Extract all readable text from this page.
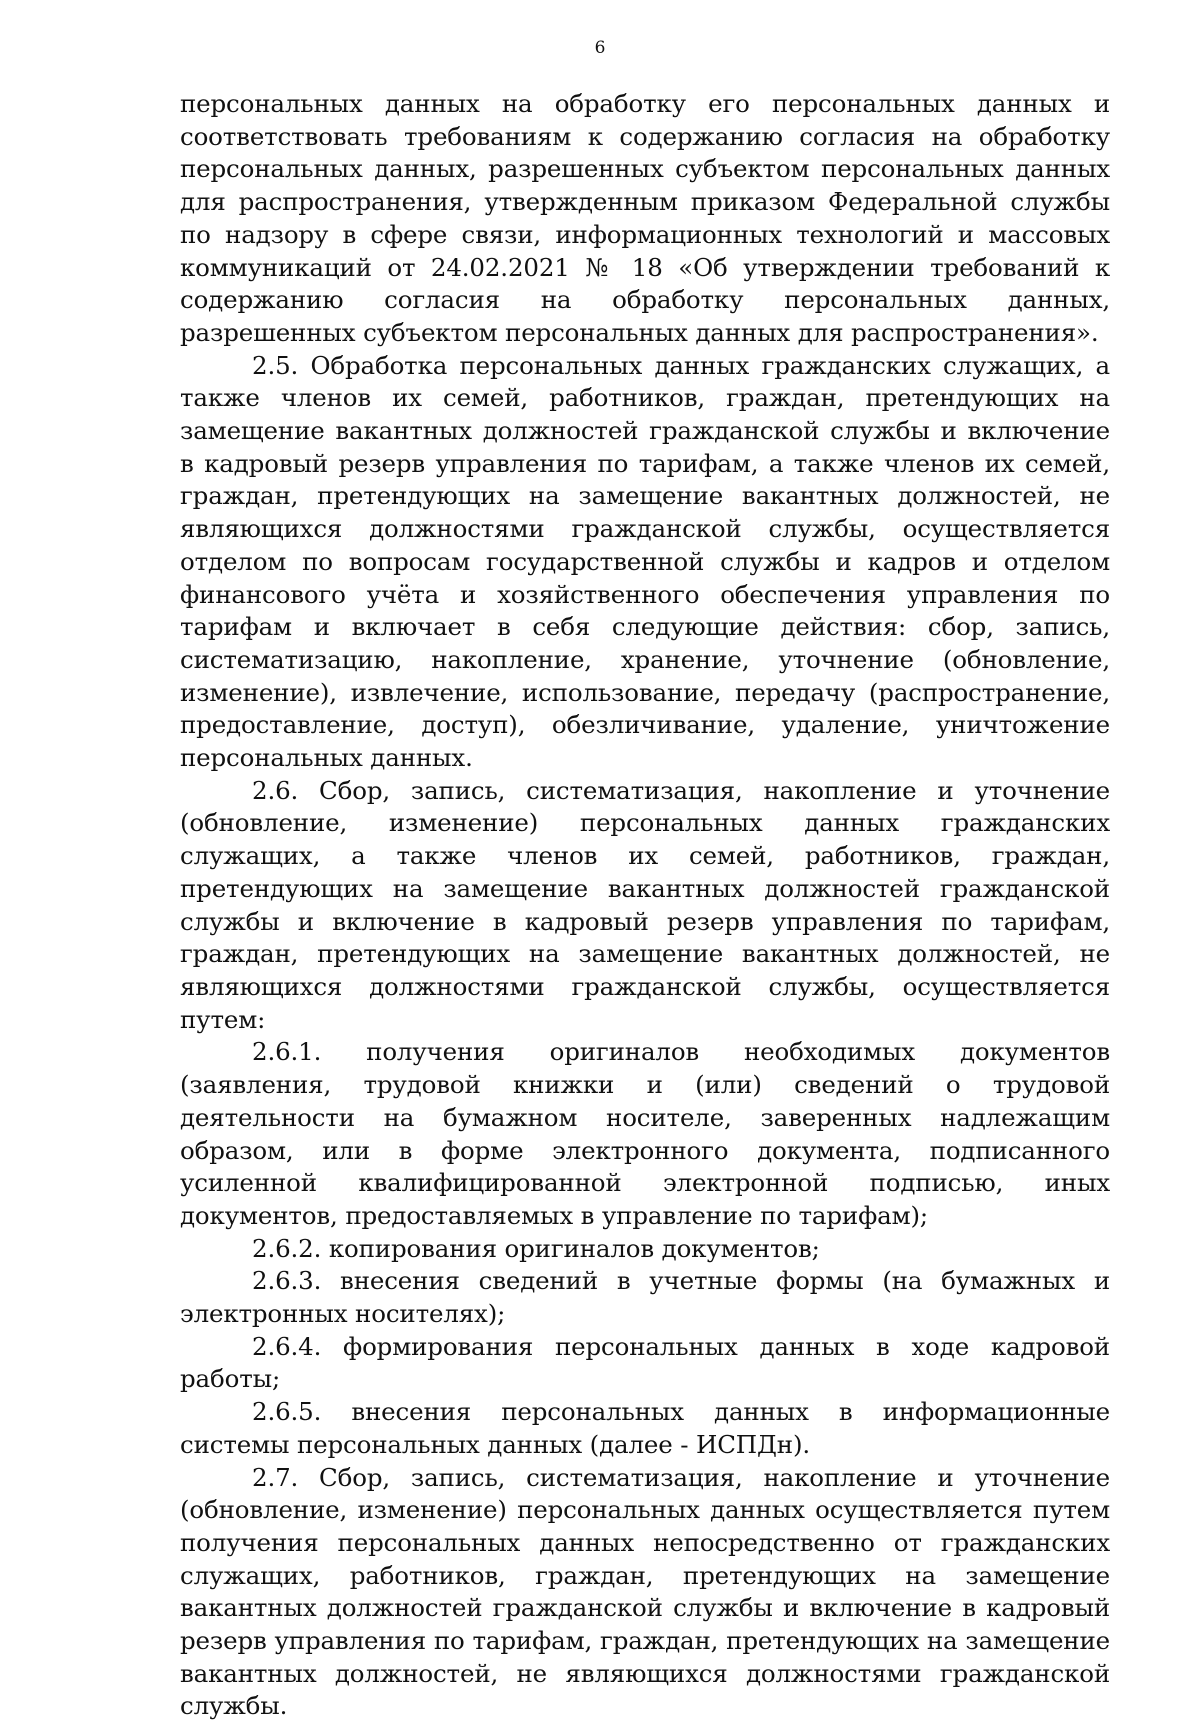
6

персональных данных на обработку его персональных данных и соответствовать требованиям к содержанию согласия на обработку персональных данных, разрешенных субъектом персональных данных для распространения, утвержденным приказом Федеральной службы по надзору в сфере связи, информационных технологий и массовых коммуникаций от 24.02.2021 № 18 «Об утверждении требований к содержанию согласия на обработку персональных данных, разрешенных субъектом персональных данных для распространения».

2.5. Обработка персональных данных гражданских служащих, а также членов их семей, работников, граждан, претендующих на замещение вакантных должностей гражданской службы и включение в кадровый резерв управления по тарифам, а также членов их семей, граждан, претендующих на замещение вакантных должностей, не являющихся должностями гражданской службы, осуществляется отделом по вопросам государственной службы и кадров и отделом финансового учёта и хозяйственного обеспечения управления по тарифам и включает в себя следующие действия: сбор, запись, систематизацию, накопление, хранение, уточнение (обновление, изменение), извлечение, использование, передачу (распространение, предоставление, доступ), обезличивание, удаление, уничтожение персональных данных.

2.6. Сбор, запись, систематизация, накопление и уточнение (обновление, изменение) персональных данных гражданских служащих, а также членов их семей, работников, граждан, претендующих на замещение вакантных должностей гражданской службы и включение в кадровый резерв управления по тарифам, граждан, претендующих на замещение вакантных должностей, не являющихся должностями гражданской службы, осуществляется путем:

2.6.1. получения оригиналов необходимых документов (заявления, трудовой книжки и (или) сведений о трудовой деятельности на бумажном носителе, заверенных надлежащим образом, или в форме электронного документа, подписанного усиленной квалифицированной электронной подписью, иных документов, предоставляемых в управление по тарифам);

2.6.2. копирования оригиналов документов;

2.6.3. внесения сведений в учетные формы (на бумажных и электронных носителях);

2.6.4. формирования персональных данных в ходе кадровой работы;

2.6.5. внесения персональных данных в информационные системы персональных данных (далее - ИСПДн).

2.7. Сбор, запись, систематизация, накопление и уточнение (обновление, изменение) персональных данных осуществляется путем получения персональных данных непосредственно от гражданских служащих, работников, граждан, претендующих на замещение вакантных должностей гражданской службы и включение в кадровый резерв управления по тарифам, граждан, претендующих на замещение вакантных должностей, не являющихся должностями гражданской службы.
